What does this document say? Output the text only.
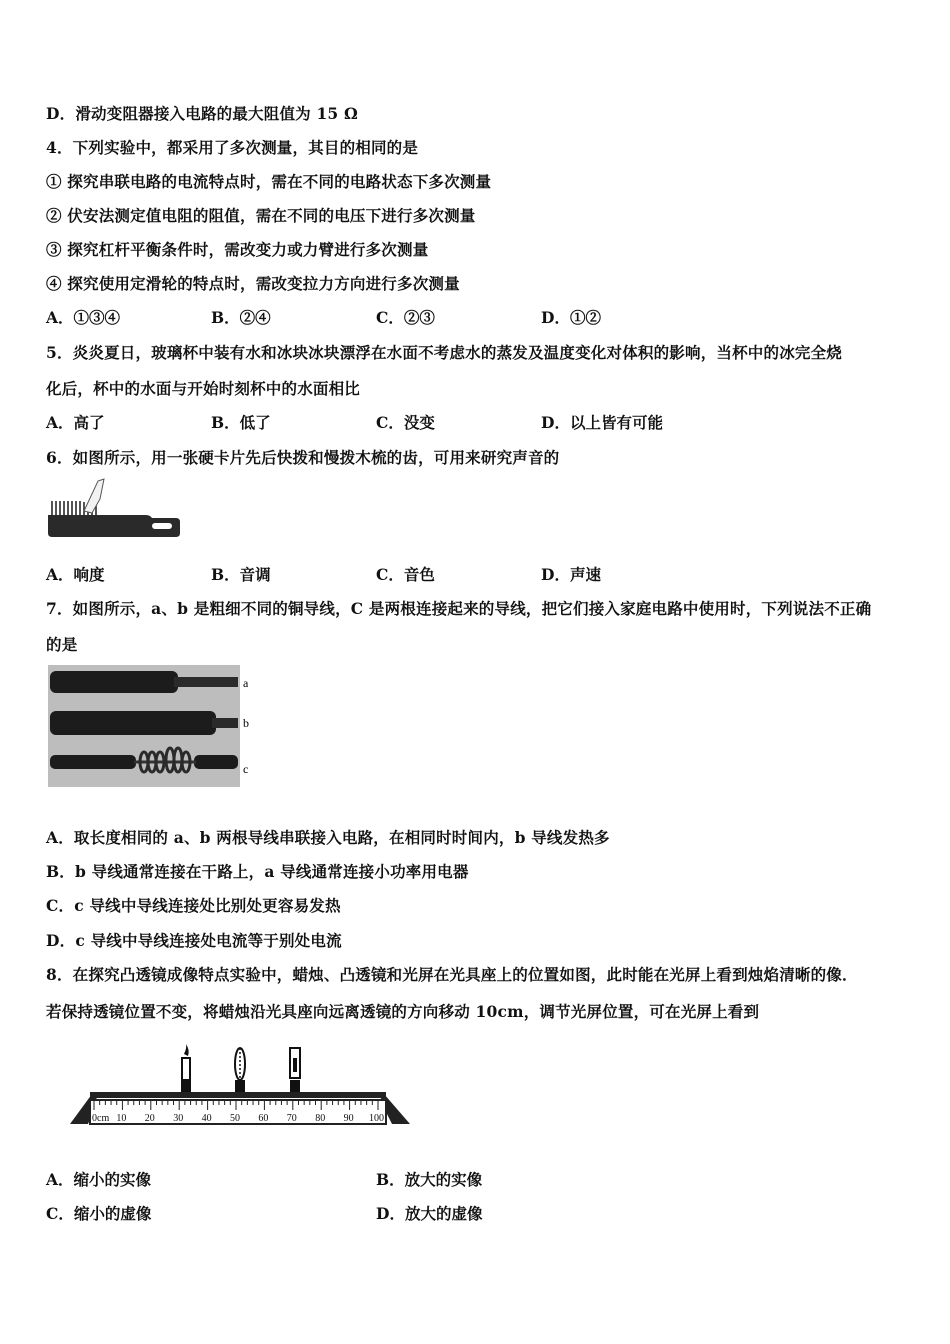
D．滑动变阻器接入电路的最大阻值为 15 Ω
4．下列实验中，都采用了多次测量，其目的相同的是
① 探究串联电路的电流特点时，需在不同的电路状态下多次测量
② 伏安法测定值电阻的阻值，需在不同的电压下进行多次测量
③ 探究杠杆平衡条件时，需改变力或力臂进行多次测量
④ 探究使用定滑轮的特点时，需改变拉力方向进行多次测量
A．①③④	B．②④	C．②③	D．①②
5．炎炎夏日，玻璃杯中装有水和冰块冰块漂浮在水面不考虑水的蒸发及温度变化对体积的影响，当杯中的冰完全烧
化后，杯中的水面与开始时刻杯中的水面相比
A．高了	B．低了	C．没变	D．以上皆有可能
6．如图所示，用一张硬卡片先后快拨和慢拨木梳的齿，可用来研究声音的
A．响度	B．音调	C．音色	D．声速
7．如图所示，a、b 是粗细不同的铜导线，C 是两根连接起来的导线，把它们接入家庭电路中使用时，下列说法不正确
的是
a
b
c
A．取长度相同的 a、b 两根导线串联接入电路，在相同时时间内，b 导线发热多
B．b 导线通常连接在干路上，a 导线通常连接小功率用电器
C．c 导线中导线连接处比别处更容易发热
D．c 导线中导线连接处电流等于别处电流
8．在探究凸透镜成像特点实验中，蜡烛、凸透镜和光屏在光具座上的位置如图，此时能在光屏上看到烛焰清晰的像．
若保持透镜位置不变，将蜡烛沿光具座向远离透镜的方向移动 10cm，调节光屏位置，可在光屏上看到
0cm 10 20 30 40 50 60 70 80 90 100
A．缩小的实像	B．放大的实像
C．缩小的虚像	D．放大的虚像
